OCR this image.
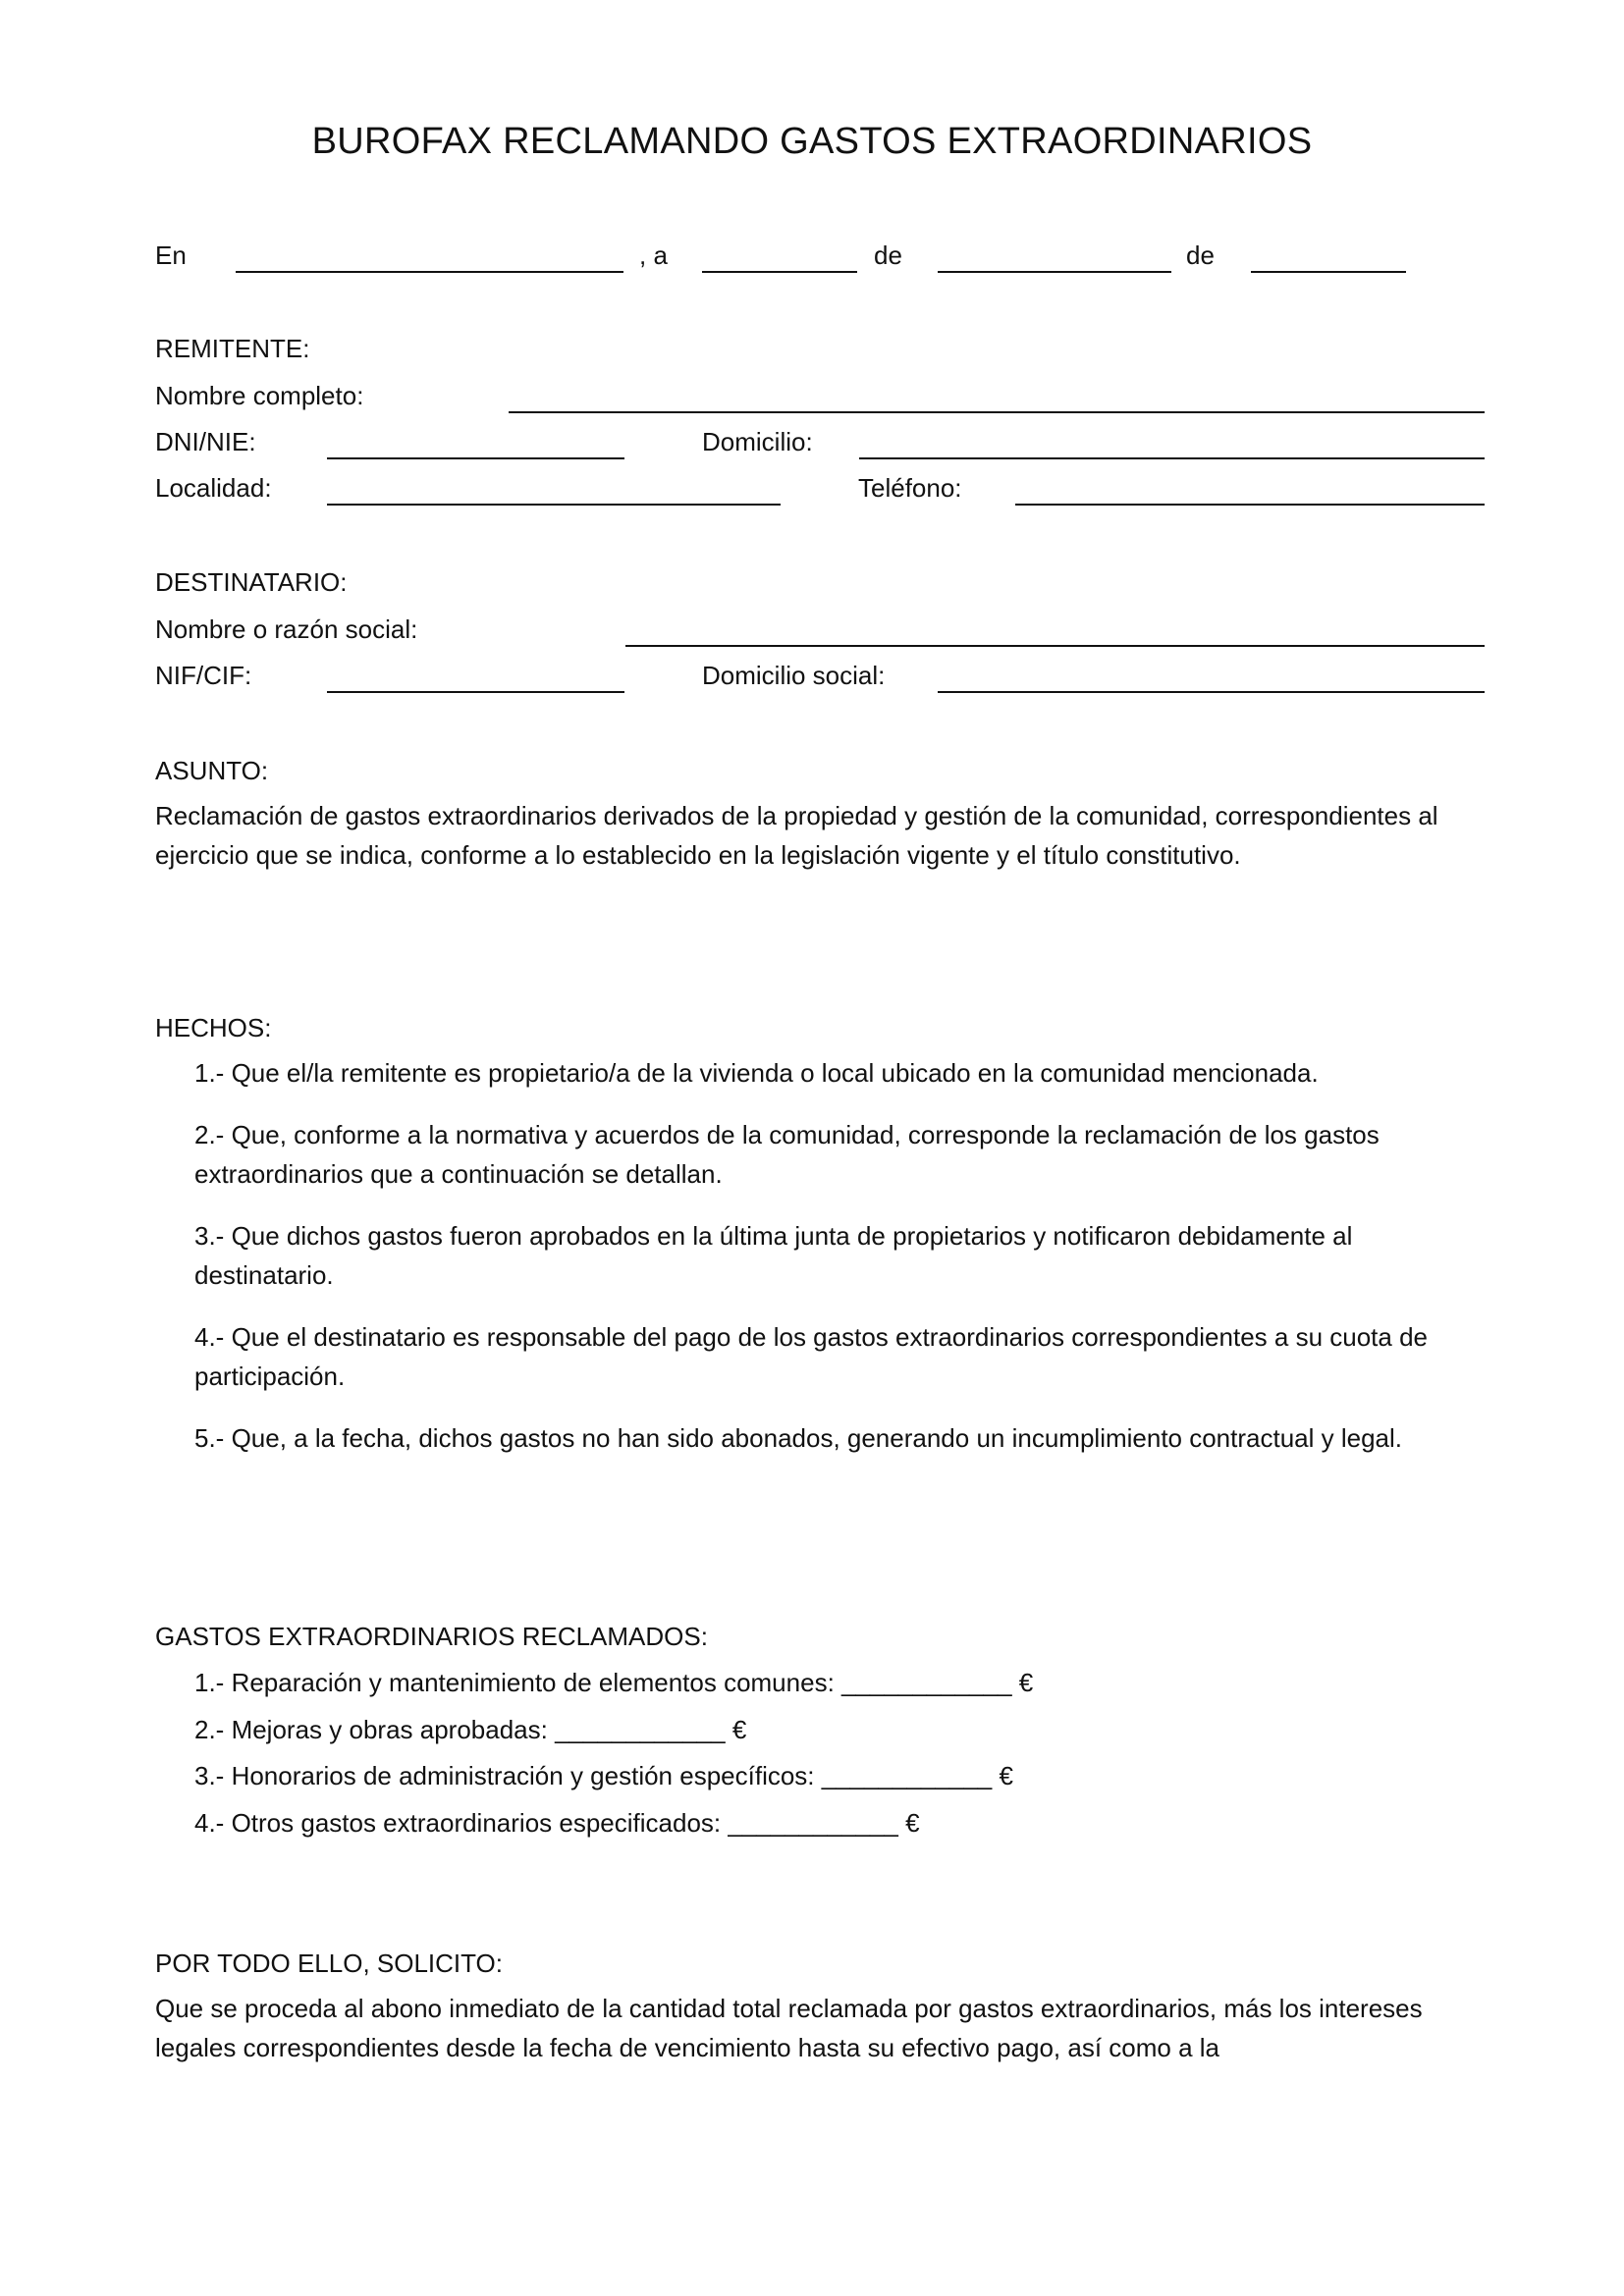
BUROFAX RECLAMANDO GASTOS EXTRAORDINARIOS
En	, a	de	de
REMITENTE:
Nombre completo:
DNI/NIE:	Domicilio:
Localidad:	Teléfono:
DESTINATARIO:
Nombre o razón social:
NIF/CIF:	Domicilio social:
ASUNTO:
Reclamación de gastos extraordinarios derivados de la propiedad y gestión de la comunidad, correspondientes al ejercicio que se indica, conforme a lo establecido en la legislación vigente y el título constitutivo.
HECHOS:
1.- Que el/la remitente es propietario/a de la vivienda o local ubicado en la comunidad mencionada.
2.- Que, conforme a la normativa y acuerdos de la comunidad, corresponde la reclamación de los gastos extraordinarios que a continuación se detallan.
3.- Que dichos gastos fueron aprobados en la última junta de propietarios y notificaron debidamente al destinatario.
4.- Que el destinatario es responsable del pago de los gastos extraordinarios correspondientes a su cuota de participación.
5.- Que, a la fecha, dichos gastos no han sido abonados, generando un incumplimiento contractual y legal.
GASTOS EXTRAORDINARIOS RECLAMADOS:
1.- Reparación y mantenimiento de elementos comunes: ____________ €
2.- Mejoras y obras aprobadas: ____________ €
3.- Honorarios de administración y gestión específicos: ____________ €
4.- Otros gastos extraordinarios especificados: ____________ €
POR TODO ELLO, SOLICITO:
Que se proceda al abono inmediato de la cantidad total reclamada por gastos extraordinarios, más los intereses legales correspondientes desde la fecha de vencimiento hasta su efectivo pago, así como a la
